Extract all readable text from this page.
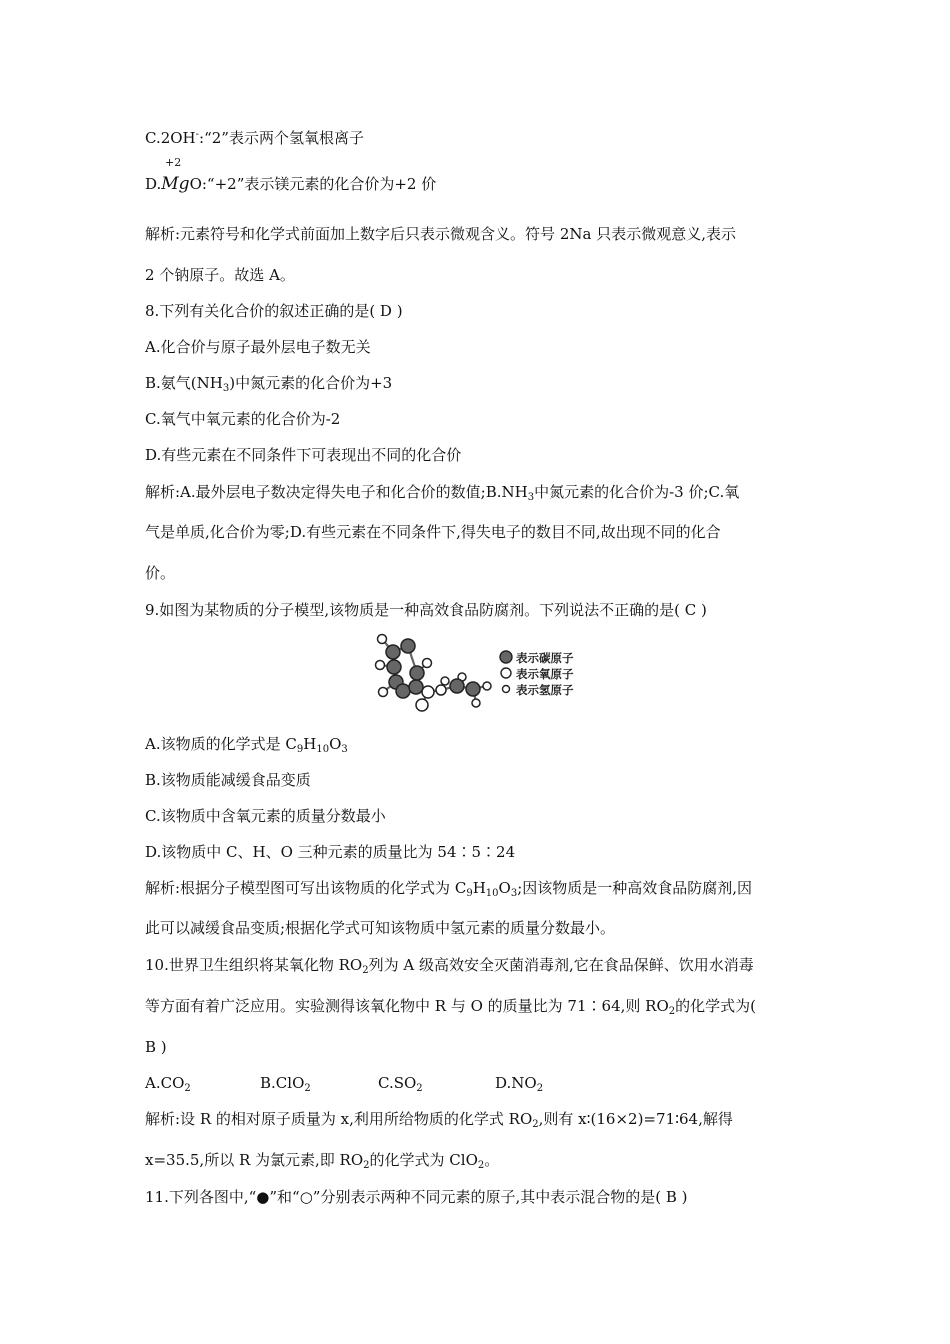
C.2OH-:“2”表示两个氢氧根离子
+2
D.MgO:“+2”表示镁元素的化合价为+2 价
解析:元素符号和化学式前面加上数字后只表示微观含义。符号 2Na 只表示微观意义,表示
2 个钠原子。故选 A。
8.下列有关化合价的叙述正确的是( D )
A.化合价与原子最外层电子数无关
B.氨气$(NH_3)$中氮元素的化合价为+3
C.氧气中氧元素的化合价为-2
D.有些元素在不同条件下可表现出不同的化合价
解析:A.最外层电子数决定得失电子和化合价的数值$;B.NH_3$中氮元素的化合价为-3 价;C.氧
气是单质,化合价为零;D.有些元素在不同条件下,得失电子的数目不同,故出现不同的化合
价。
9.如图为某物质的分子模型,该物质是一种高效食品防腐剂。下列说法不正确的是( C )
表示碳原子
表示氧原子
表示氢原子
A.该物质的化学式是 $C_9H_{10}O_3$
B.该物质能减缓食品变质
C.该物质中含氧元素的质量分数最小
D.该物质中 C、H、O 三种元素的质量比为 54∶5∶24
解析:根据分子模型图可写出该物质的化学式为 $C_9H_{10}O_3$;因该物质是一种高效食品防腐剂,因
此可以减缓食品变质;根据化学式可知该物质中氢元素的质量分数最小。
10.世界卫生组织将某氧化物 $RO_2$列为 A 级高效安全灭菌消毒剂,它在食品保鲜、饮用水消毒
等方面有着广泛应用。实验测得该氧化物中 R 与 O 的质量比为 71∶64,则 $RO_2$的化学式为(
B )
$A.CO_2$	B.ClO$_2$	$C.SO_2$	$D.NO_2$
解析:设 R 的相对原子质量为 x,利用所给物质的化学式 $RO_2$,则有 x∶(16×2)=71∶64,解得
x=35.5,所以 R 为氯元素,即 $RO_2$的化学式为 ClO$_2$。
11.下列各图中,“●”和“○”分别表示两种不同元素的原子,其中表示混合物的是( B )
